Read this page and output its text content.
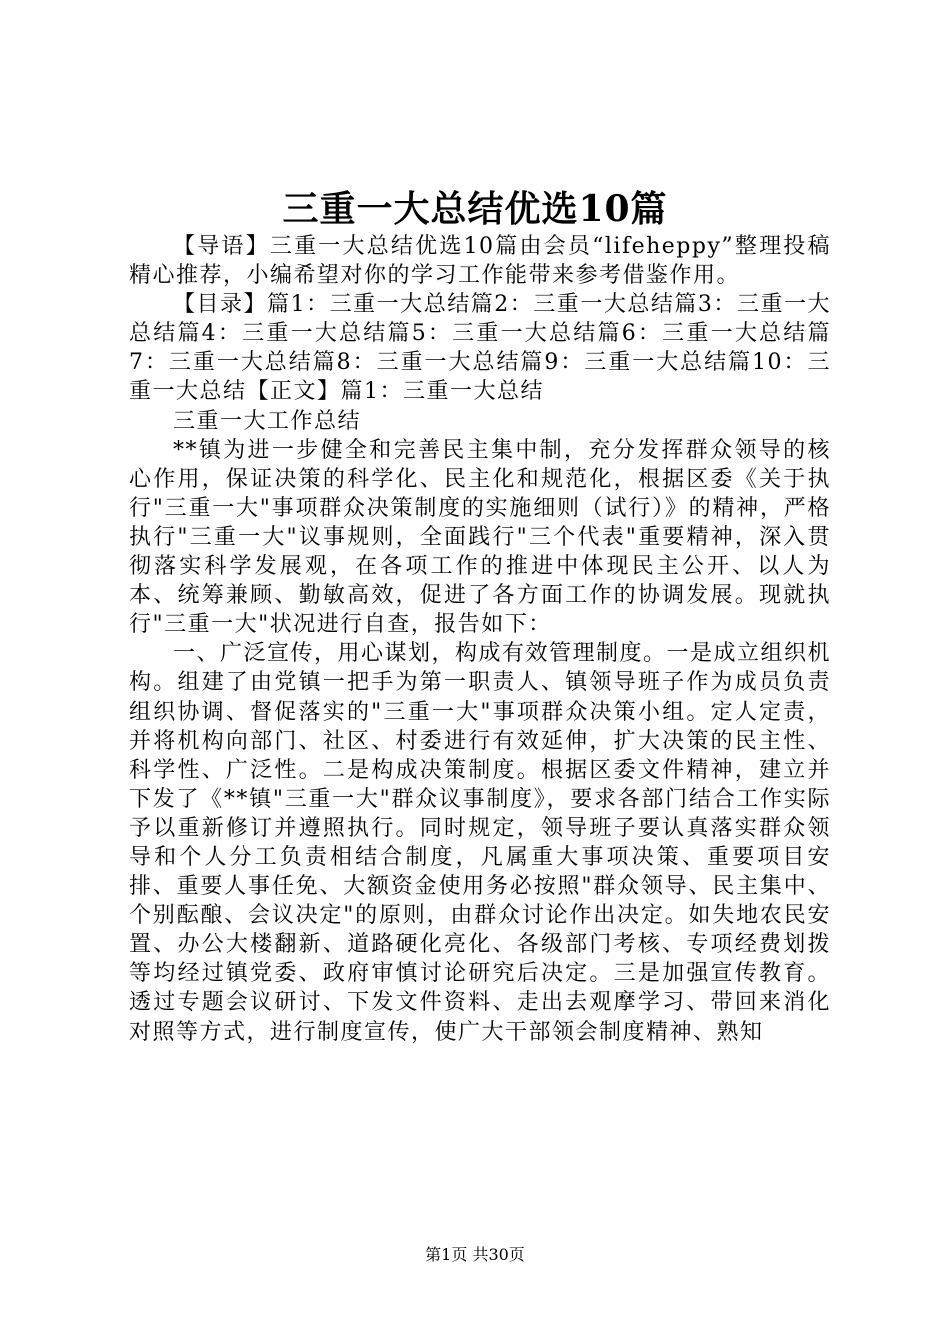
三重一大总结优选10篇

【导语】三重一大总结优选10篇由会员“lifeheppy”整理投稿精心推荐，小编希望对你的学习工作能带来参考借鉴作用。

【目录】篇1：三重一大总结篇2：三重一大总结篇3：三重一大总结篇4：三重一大总结篇5：三重一大总结篇6：三重一大总结篇7：三重一大总结篇8：三重一大总结篇9：三重一大总结篇10：三重一大总结【正文】篇1：三重一大总结

三重一大工作总结

**镇为进一步健全和完善民主集中制，充分发挥群众领导的核心作用，保证决策的科学化、民主化和规范化，根据区委《关于执行"三重一大"事项群众决策制度的实施细则（试行）》的精神，严格执行"三重一大"议事规则，全面践行"三个代表"重要精神，深入贯彻落实科学发展观，在各项工作的推进中体现民主公开、以人为本、统筹兼顾、勤敏高效，促进了各方面工作的协调发展。现就执行"三重一大"状况进行自查，报告如下：

一、广泛宣传，用心谋划，构成有效管理制度。一是成立组织机构。组建了由党镇一把手为第一职责人、镇领导班子作为成员负责组织协调、督促落实的"三重一大"事项群众决策小组。定人定责，并将机构向部门、社区、村委进行有效延伸，扩大决策的民主性、科学性、广泛性。二是构成决策制度。根据区委文件精神，建立并下发了《**镇"三重一大"群众议事制度》，要求各部门结合工作实际予以重新修订并遵照执行。同时规定，领导班子要认真落实群众领导和个人分工负责相结合制度，凡属重大事项决策、重要项目安排、重要人事任免、大额资金使用务必按照"群众领导、民主集中、个别酝酿、会议决定"的原则，由群众讨论作出决定。如失地农民安置、办公大楼翻新、道路硬化亮化、各级部门考核、专项经费划拨等均经过镇党委、政府审慎讨论研究后决定。三是加强宣传教育。透过专题会议研讨、下发文件资料、走出去观摩学习、带回来消化对照等方式，进行制度宣传，使广大干部领会制度精神、熟知

第1页 共30页
